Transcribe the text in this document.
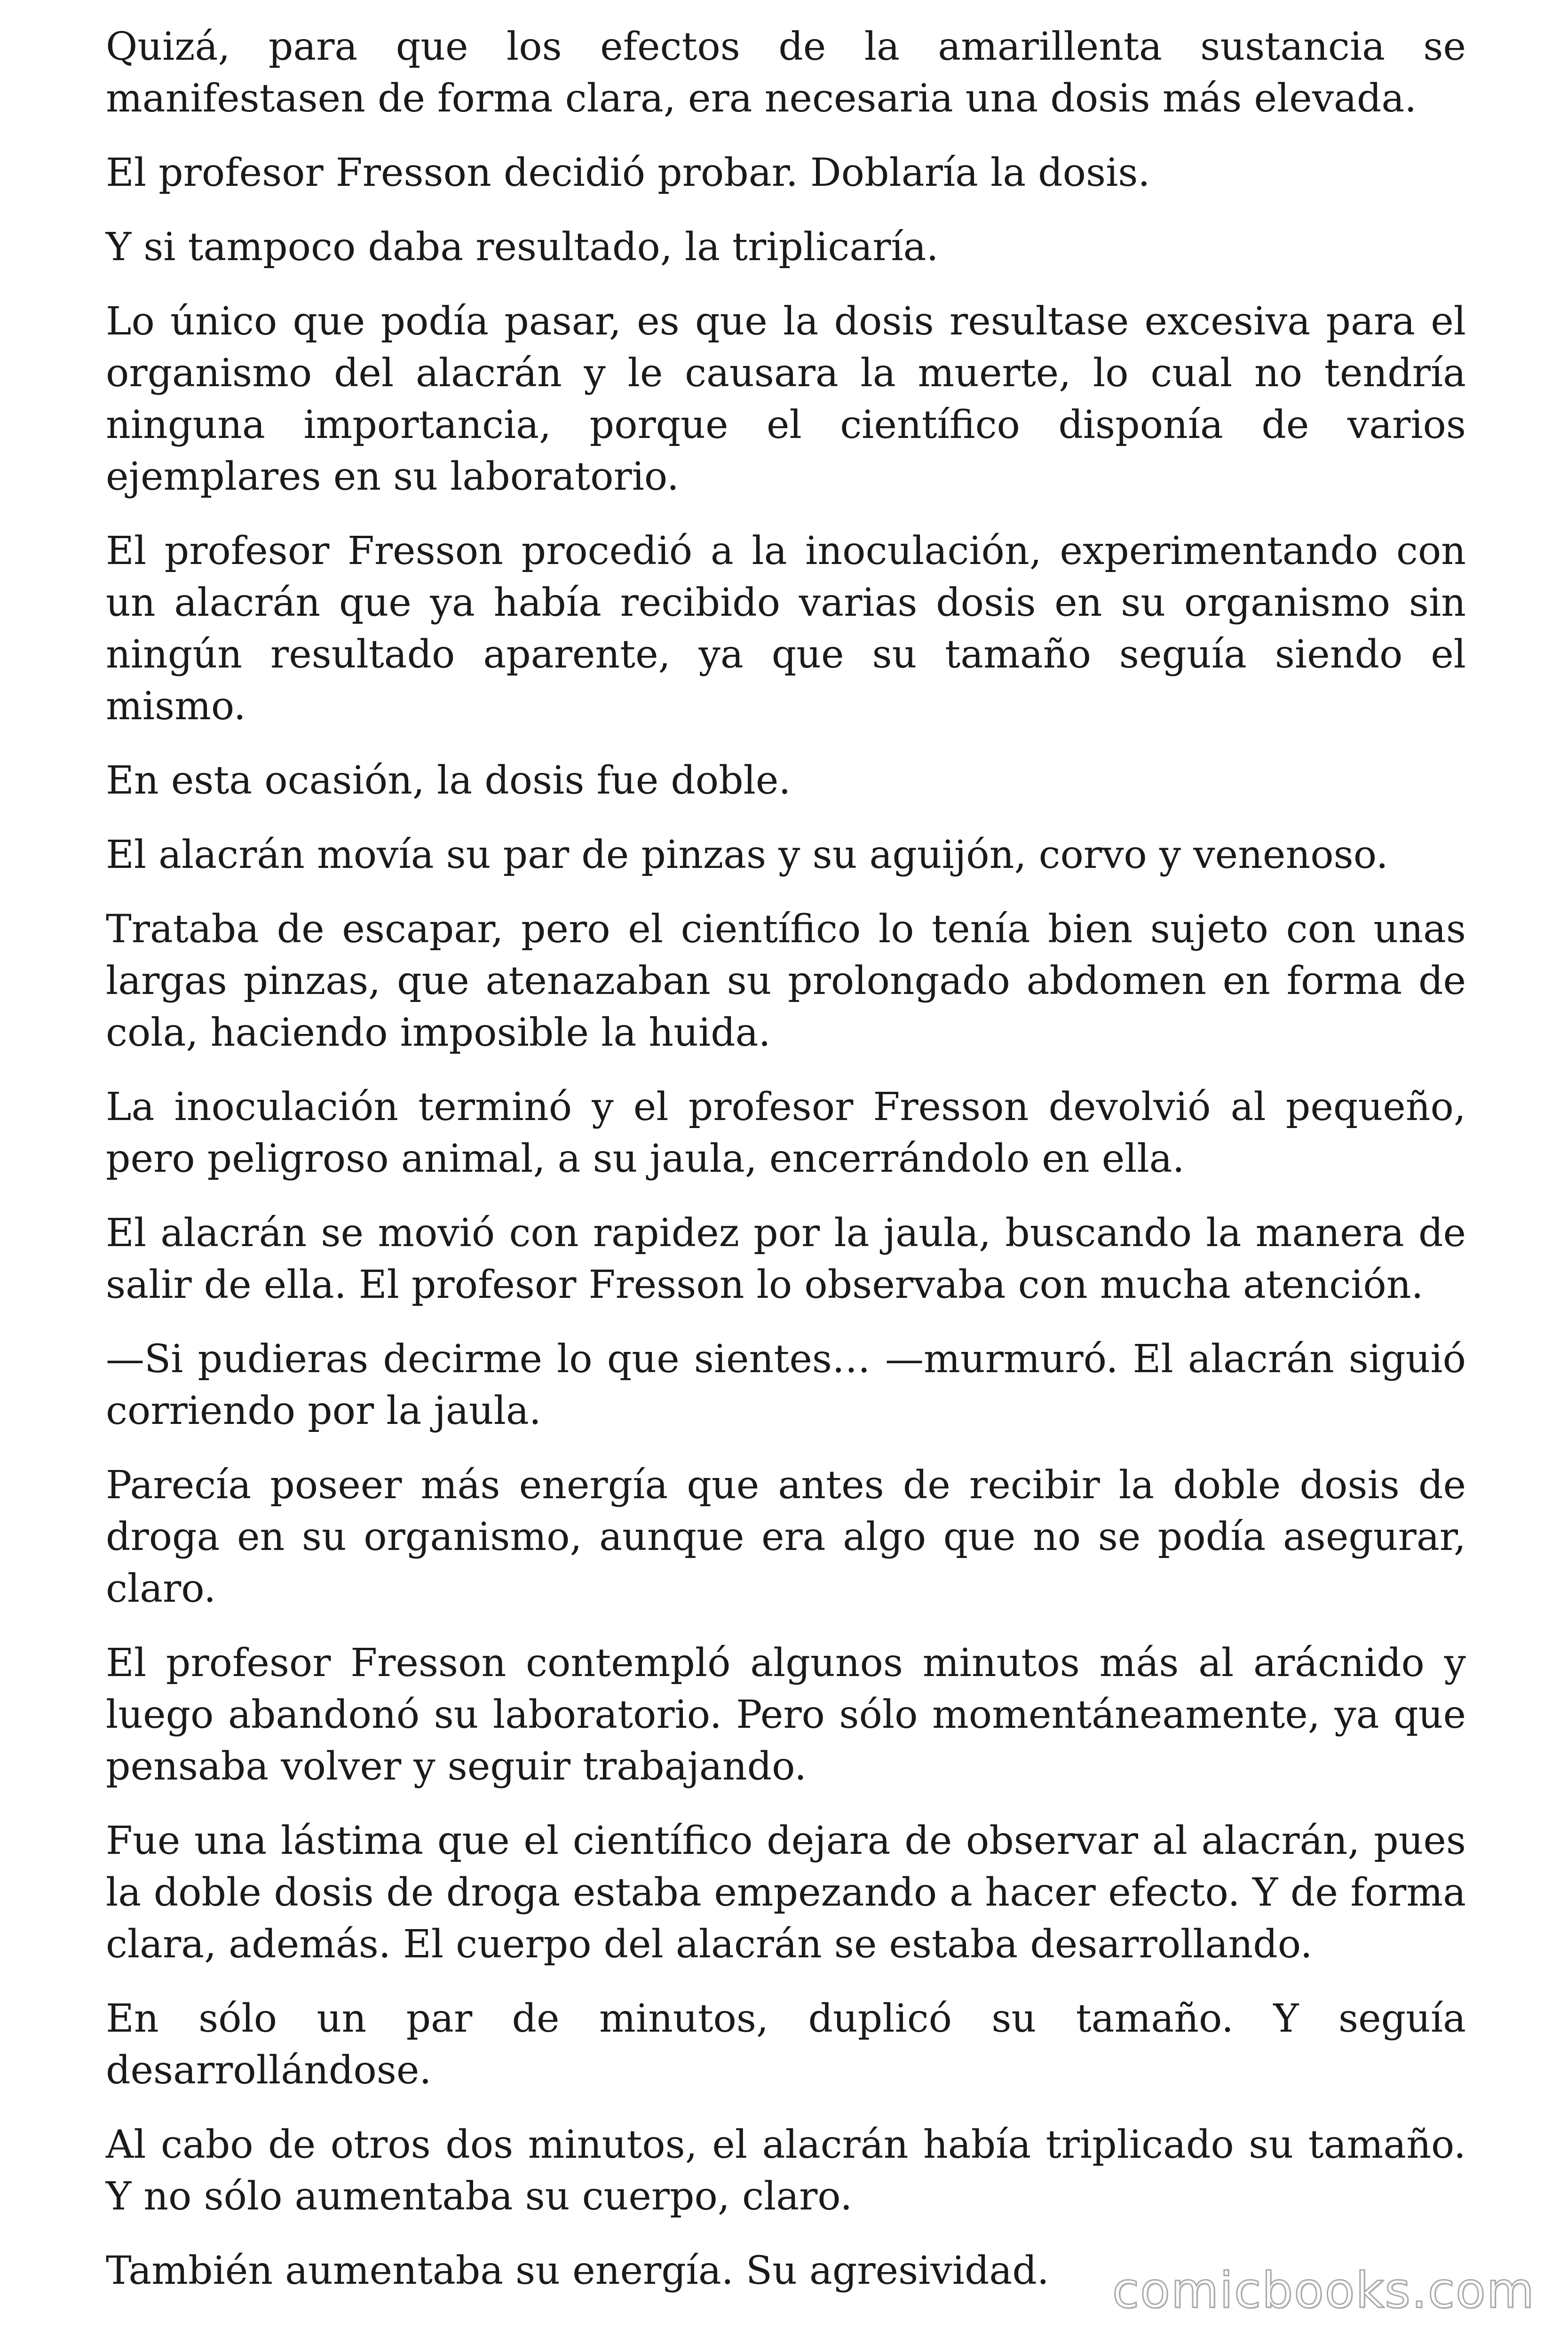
Quizá, para que los efectos de la amarillenta sustancia se manifestasen de forma clara, era necesaria una dosis más elevada.

El profesor Fresson decidió probar. Doblaría la dosis.

Y si tampoco daba resultado, la triplicaría.

Lo único que podía pasar, es que la dosis resultase excesiva para el organismo del alacrán y le causara la muerte, lo cual no tendría ninguna importancia, porque el científico disponía de varios ejemplares en su laboratorio.

El profesor Fresson procedió a la inoculación, experimentando con un alacrán que ya había recibido varias dosis en su organismo sin ningún resultado aparente, ya que su tamaño seguía siendo el mismo.

En esta ocasión, la dosis fue doble.

El alacrán movía su par de pinzas y su aguijón, corvo y venenoso.

Trataba de escapar, pero el científico lo tenía bien sujeto con unas largas pinzas, que atenazaban su prolongado abdomen en forma de cola, haciendo imposible la huida.

La inoculación terminó y el profesor Fresson devolvió al pequeño, pero peligroso animal, a su jaula, encerrándolo en ella.

El alacrán se movió con rapidez por la jaula, buscando la manera de salir de ella. El profesor Fresson lo observaba con mucha atención.

—Si pudieras decirme lo que sientes… —murmuró. El alacrán siguió corriendo por la jaula.

Parecía poseer más energía que antes de recibir la doble dosis de droga en su organismo, aunque era algo que no se podía asegurar, claro.

El profesor Fresson contempló algunos minutos más al arácnido y luego abandonó su laboratorio. Pero sólo momentáneamente, ya que pensaba volver y seguir trabajando.

Fue una lástima que el científico dejara de observar al alacrán, pues la doble dosis de droga estaba empezando a hacer efecto. Y de forma clara, además. El cuerpo del alacrán se estaba desarrollando.

En sólo un par de minutos, duplicó su tamaño. Y seguía desarrollándose.

Al cabo de otros dos minutos, el alacrán había triplicado su tamaño. Y no sólo aumentaba su cuerpo, claro.

También aumentaba su energía. Su agresividad.	comicbooks.com
